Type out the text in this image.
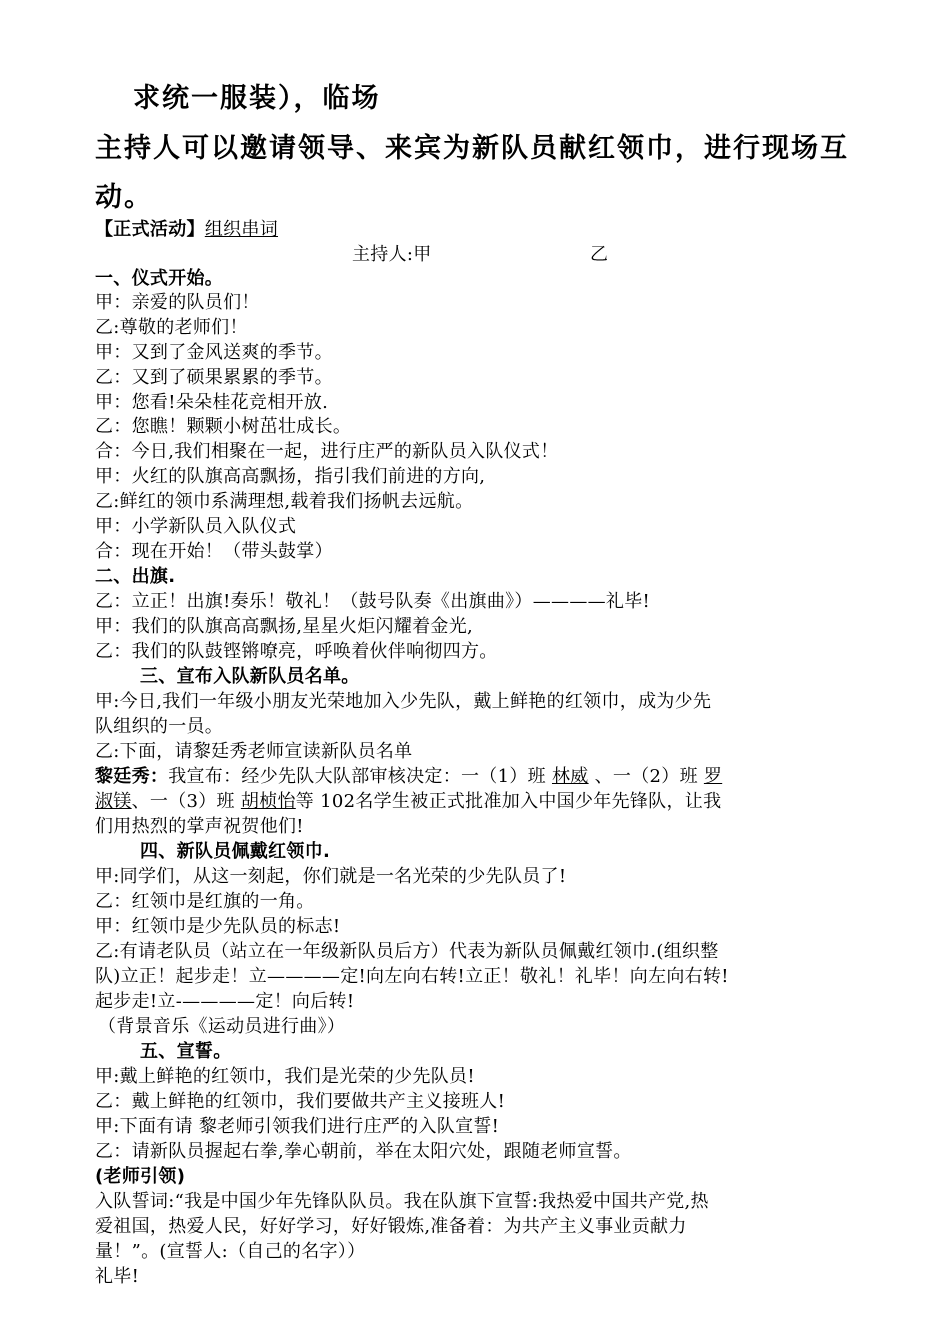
求统一服装），临场
主持人可以邀请领导、来宾为新队员献红领巾，进行现场互
动。
【正式活动】组织串词
主持人:甲	乙
一、仪式开始。
甲：亲爱的队员们！
乙:尊敬的老师们！
甲：又到了金风送爽的季节。
乙：又到了硕果累累的季节。
甲：您看!朵朵桂花竞相开放.
乙：您瞧！颗颗小树茁壮成长。
合：今日,我们相聚在一起，进行庄严的新队员入队仪式！
甲：火红的队旗高高飘扬，指引我们前进的方向,
乙:鲜红的领巾系满理想,载着我们扬帆去远航。
甲：小学新队员入队仪式
合：现在开始！（带头鼓掌）
二、出旗.
乙：立正！出旗!奏乐！敬礼！（鼓号队奏《出旗曲》）————礼毕!
甲：我们的队旗高高飘扬,星星火炬闪耀着金光,
乙：我们的队鼓铿锵嘹亮，呼唤着伙伴响彻四方。
三、宣布入队新队员名单。
甲:今日,我们一年级小朋友光荣地加入少先队，戴上鲜艳的红领巾，成为少先
队组织的一员。
乙:下面，请黎廷秀老师宣读新队员名单
黎廷秀：我宣布：经少先队大队部审核决定：一（1）班 林威 、一（2）班 罗
淑镁、一（3）班 胡桢怡等 102名学生被正式批准加入中国少年先锋队，让我
们用热烈的掌声祝贺他们!
四、新队员佩戴红领巾.
甲:同学们，从这一刻起，你们就是一名光荣的少先队员了!
乙：红领巾是红旗的一角。
甲：红领巾是少先队员的标志!
乙:有请老队员（站立在一年级新队员后方）代表为新队员佩戴红领巾.(组织整
队)立正！起步走！立————定!向左向右转!立正！敬礼！礼毕！向左向右转!
起步走!立-————定！向后转!
（背景音乐《运动员进行曲》）
五、宣誓。
甲:戴上鲜艳的红领巾，我们是光荣的少先队员!
乙：戴上鲜艳的红领巾，我们要做共产主义接班人!
甲:下面有请 黎老师引领我们进行庄严的入队宣誓!
乙：请新队员握起右拳,拳心朝前，举在太阳穴处，跟随老师宣誓。
(老师引领)
入队誓词:“我是中国少年先锋队队员。我在队旗下宣誓:我热爱中国共产党,热
爱祖国，热爱人民，好好学习，好好锻炼,准备着：为共产主义事业贡献力
量！”。(宣誓人:（自己的名字））
礼毕!
